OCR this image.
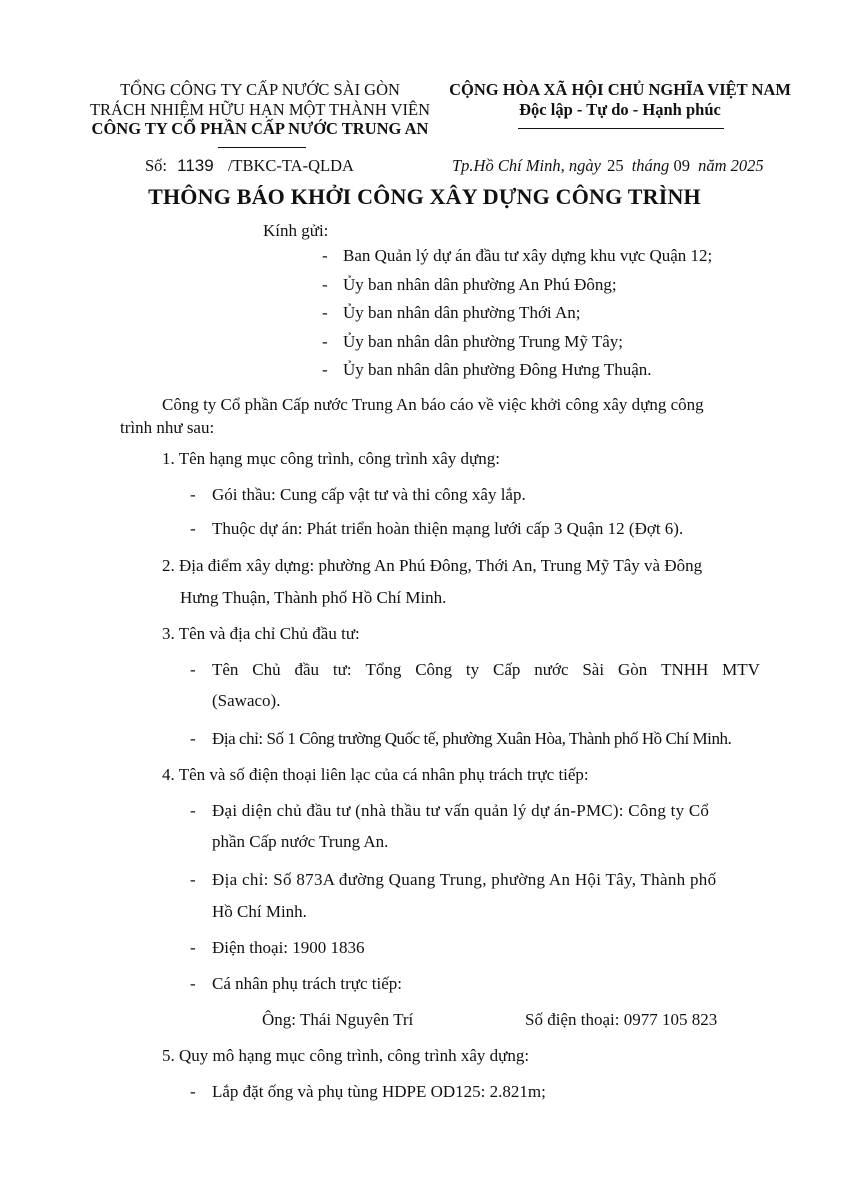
TỔNG CÔNG TY CẤP NƯỚC SÀI GÒN
TRÁCH NHIỆM HỮU HẠN MỘT THÀNH VIÊN
CÔNG TY CỔ PHẦN CẤP NƯỚC TRUNG AN
CỘNG HÒA XÃ HỘI CHỦ NGHĨA VIỆT NAM
Độc lập - Tự do - Hạnh phúc
Số: 1139 /TBKC-TA-QLDA	Tp.Hồ Chí Minh, ngày 25 tháng 09 năm 2025
THÔNG BÁO KHỞI CÔNG XÂY DỰNG CÔNG TRÌNH
Kính gửi:
- Ban Quản lý dự án đầu tư xây dựng khu vực Quận 12;
- Ủy ban nhân dân phường An Phú Đông;
- Ủy ban nhân dân phường Thới An;
- Ủy ban nhân dân phường Trung Mỹ Tây;
- Ủy ban nhân dân phường Đông Hưng Thuận.
Công ty Cổ phần Cấp nước Trung An báo cáo về việc khởi công xây dựng công
trình như sau:
1. Tên hạng mục công trình, công trình xây dựng:
- Gói thầu: Cung cấp vật tư và thi công xây lắp.
- Thuộc dự án: Phát triển hoàn thiện mạng lưới cấp 3 Quận 12 (Đợt 6).
2. Địa điểm xây dựng: phường An Phú Đông, Thới An, Trung Mỹ Tây và Đông
Hưng Thuận, Thành phố Hồ Chí Minh.
3. Tên và địa chỉ Chủ đầu tư:
- Tên Chủ đầu tư: Tổng Công ty Cấp nước Sài Gòn TNHH MTV
(Sawaco).
- Địa chỉ: Số 1 Công trường Quốc tế, phường Xuân Hòa, Thành phố Hồ Chí Minh.
4. Tên và số điện thoại liên lạc của cá nhân phụ trách trực tiếp:
- Đại diện chủ đầu tư (nhà thầu tư vấn quản lý dự án-PMC): Công ty Cổ
phần Cấp nước Trung An.
- Địa chỉ: Số 873A đường Quang Trung, phường An Hội Tây, Thành phố
Hồ Chí Minh.
- Điện thoại: 1900 1836
- Cá nhân phụ trách trực tiếp:
Ông: Thái Nguyên Trí	Số điện thoại: 0977 105 823
5. Quy mô hạng mục công trình, công trình xây dựng:
- Lắp đặt ống và phụ tùng HDPE OD125: 2.821m;
